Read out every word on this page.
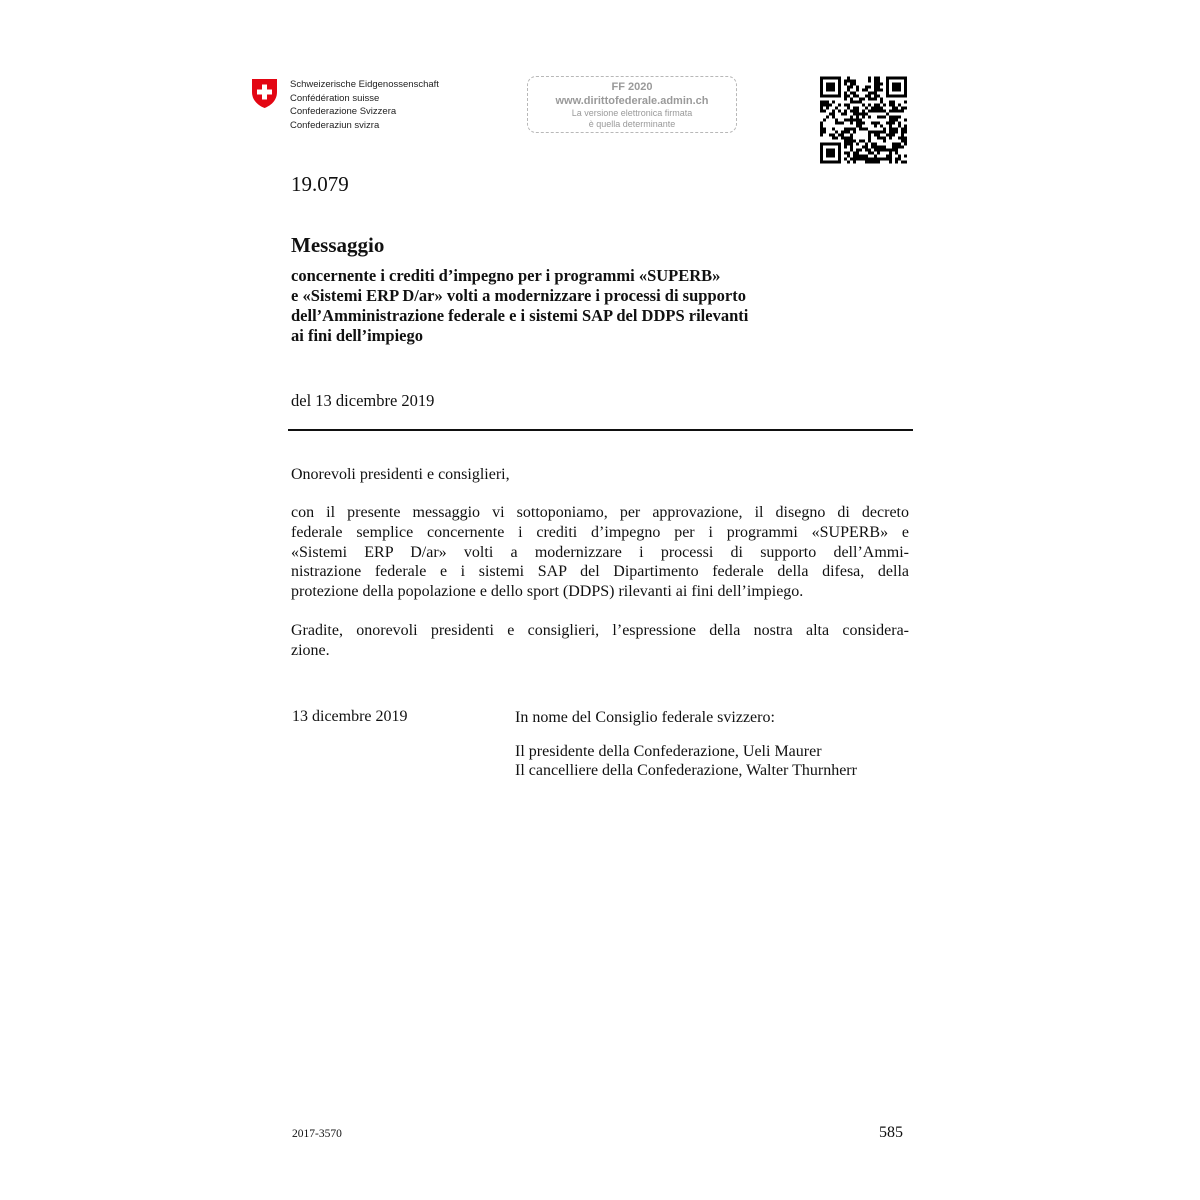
Schweizerische Eidgenossenschaft
Confédération suisse
Confederazione Svizzera
Confederaziun svizra
FF 2020
www.dirittofederale.admin.ch
La versione elettronica firmata
è quella determinante
19.079
Messaggio
concernente i crediti d’impegno per i programmi «SUPERB»
e «Sistemi ERP D/ar» volti a modernizzare i processi di supporto
dell’Amministrazione federale e i sistemi SAP del DDPS rilevanti
ai fini dell’impiego
del 13 dicembre 2019
Onorevoli presidenti e consiglieri,
con il presente messaggio vi sottoponiamo, per approvazione, il disegno di decreto
federale semplice concernente i crediti d’impegno per i programmi «SUPERB» e
«Sistemi ERP D/ar» volti a modernizzare i processi di supporto dell’Ammi-
nistrazione federale e i sistemi SAP del Dipartimento federale della difesa, della
protezione della popolazione e dello sport (DDPS) rilevanti ai fini dell’impiego.
Gradite, onorevoli presidenti e consiglieri, l’espressione della nostra alta considera-
zione.
13 dicembre 2019	In nome del Consiglio federale svizzero:
Il presidente della Confederazione, Ueli Maurer
Il cancelliere della Confederazione, Walter Thurnherr
2017-3570	585
